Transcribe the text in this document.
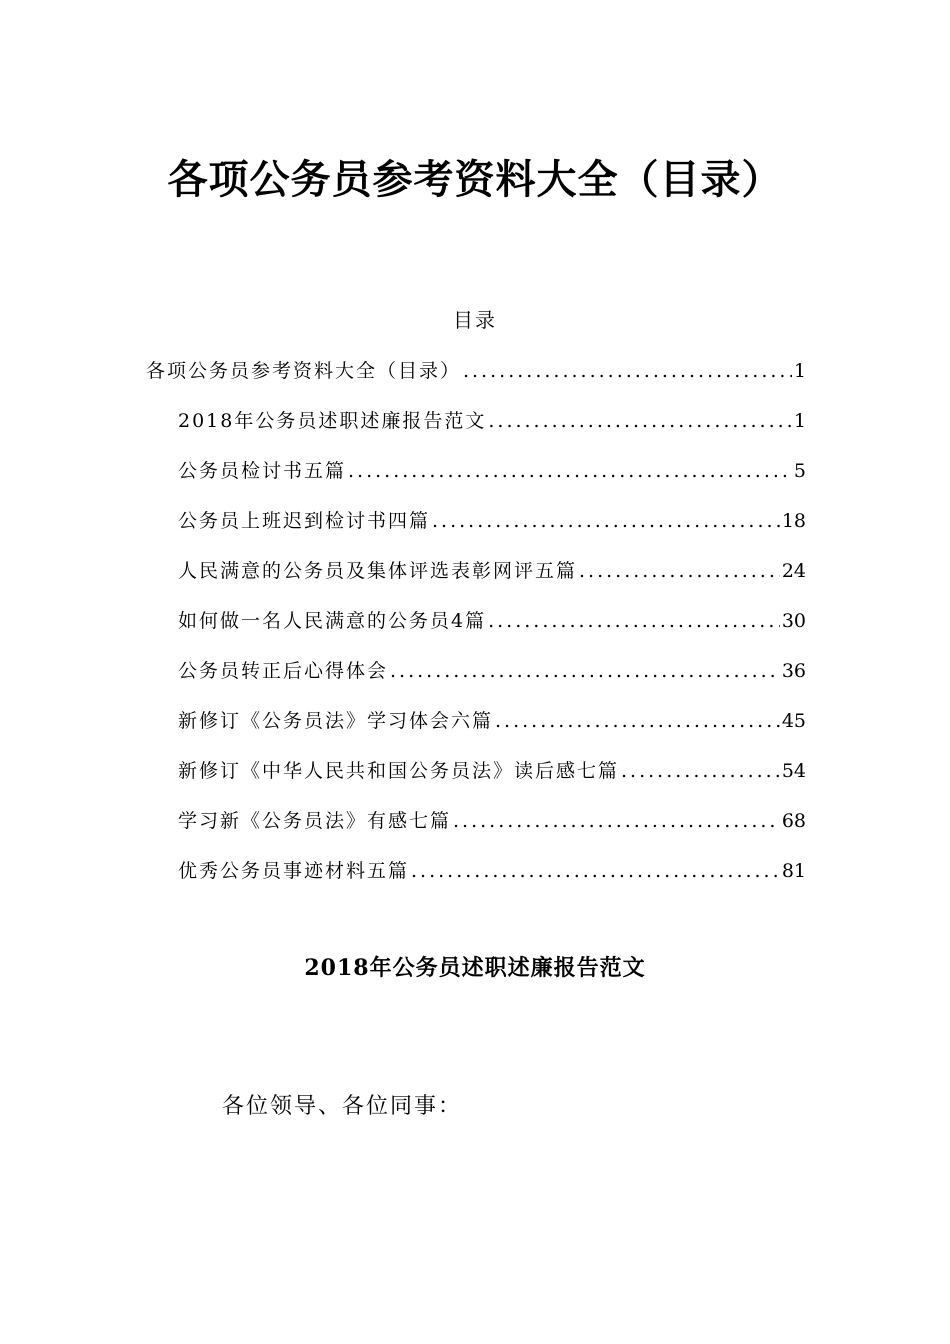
各项公务员参考资料大全（目录）
目录
各项公务员参考资料大全（目录） .....	1
2018年公务员述职述廉报告范文 .....	1
公务员检讨书五篇 .....	5
公务员上班迟到检讨书四篇 .....	18
人民满意的公务员及集体评选表彰网评五篇 .....	24
如何做一名人民满意的公务员4篇 .....	30
公务员转正后心得体会 .....	36
新修订《公务员法》学习体会六篇 .....	45
新修订《中华人民共和国公务员法》读后感七篇 .....	54
学习新《公务员法》有感七篇 .....	68
优秀公务员事迹材料五篇 .....	81
2018年公务员述职述廉报告范文
各位领导、各位同事：
